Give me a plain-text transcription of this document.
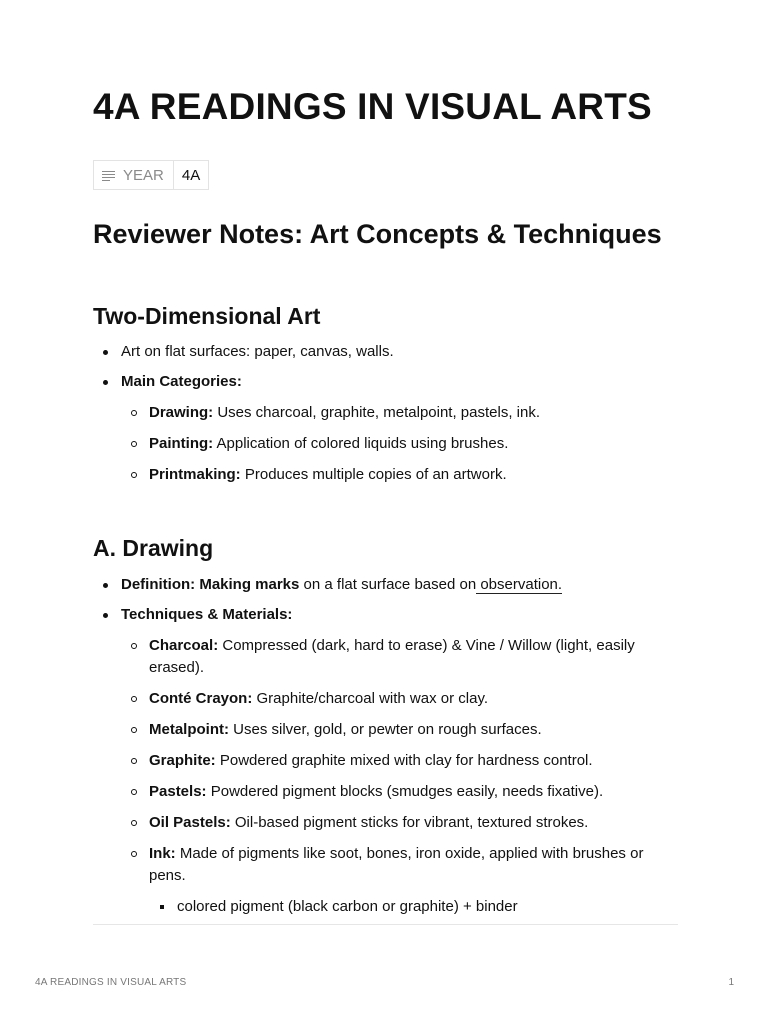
4A READINGS IN VISUAL ARTS
YEAR	4A
Reviewer Notes: Art Concepts & Techniques
Two-Dimensional Art
Art on flat surfaces: paper, canvas, walls.
Main Categories:
Drawing: Uses charcoal, graphite, metalpoint, pastels, ink.
Painting: Application of colored liquids using brushes.
Printmaking: Produces multiple copies of an artwork.
A. Drawing
Definition: Making marks on a flat surface based on observation.
Techniques & Materials:
Charcoal: Compressed (dark, hard to erase) & Vine / Willow (light, easily erased).
Conté Crayon: Graphite/charcoal with wax or clay.
Metalpoint: Uses silver, gold, or pewter on rough surfaces.
Graphite: Powdered graphite mixed with clay for hardness control.
Pastels: Powdered pigment blocks (smudges easily, needs fixative).
Oil Pastels: Oil-based pigment sticks for vibrant, textured strokes.
Ink: Made of pigments like soot, bones, iron oxide, applied with brushes or pens.
colored pigment (black carbon or graphite) + binder
4A READINGS IN VISUAL ARTS	1
